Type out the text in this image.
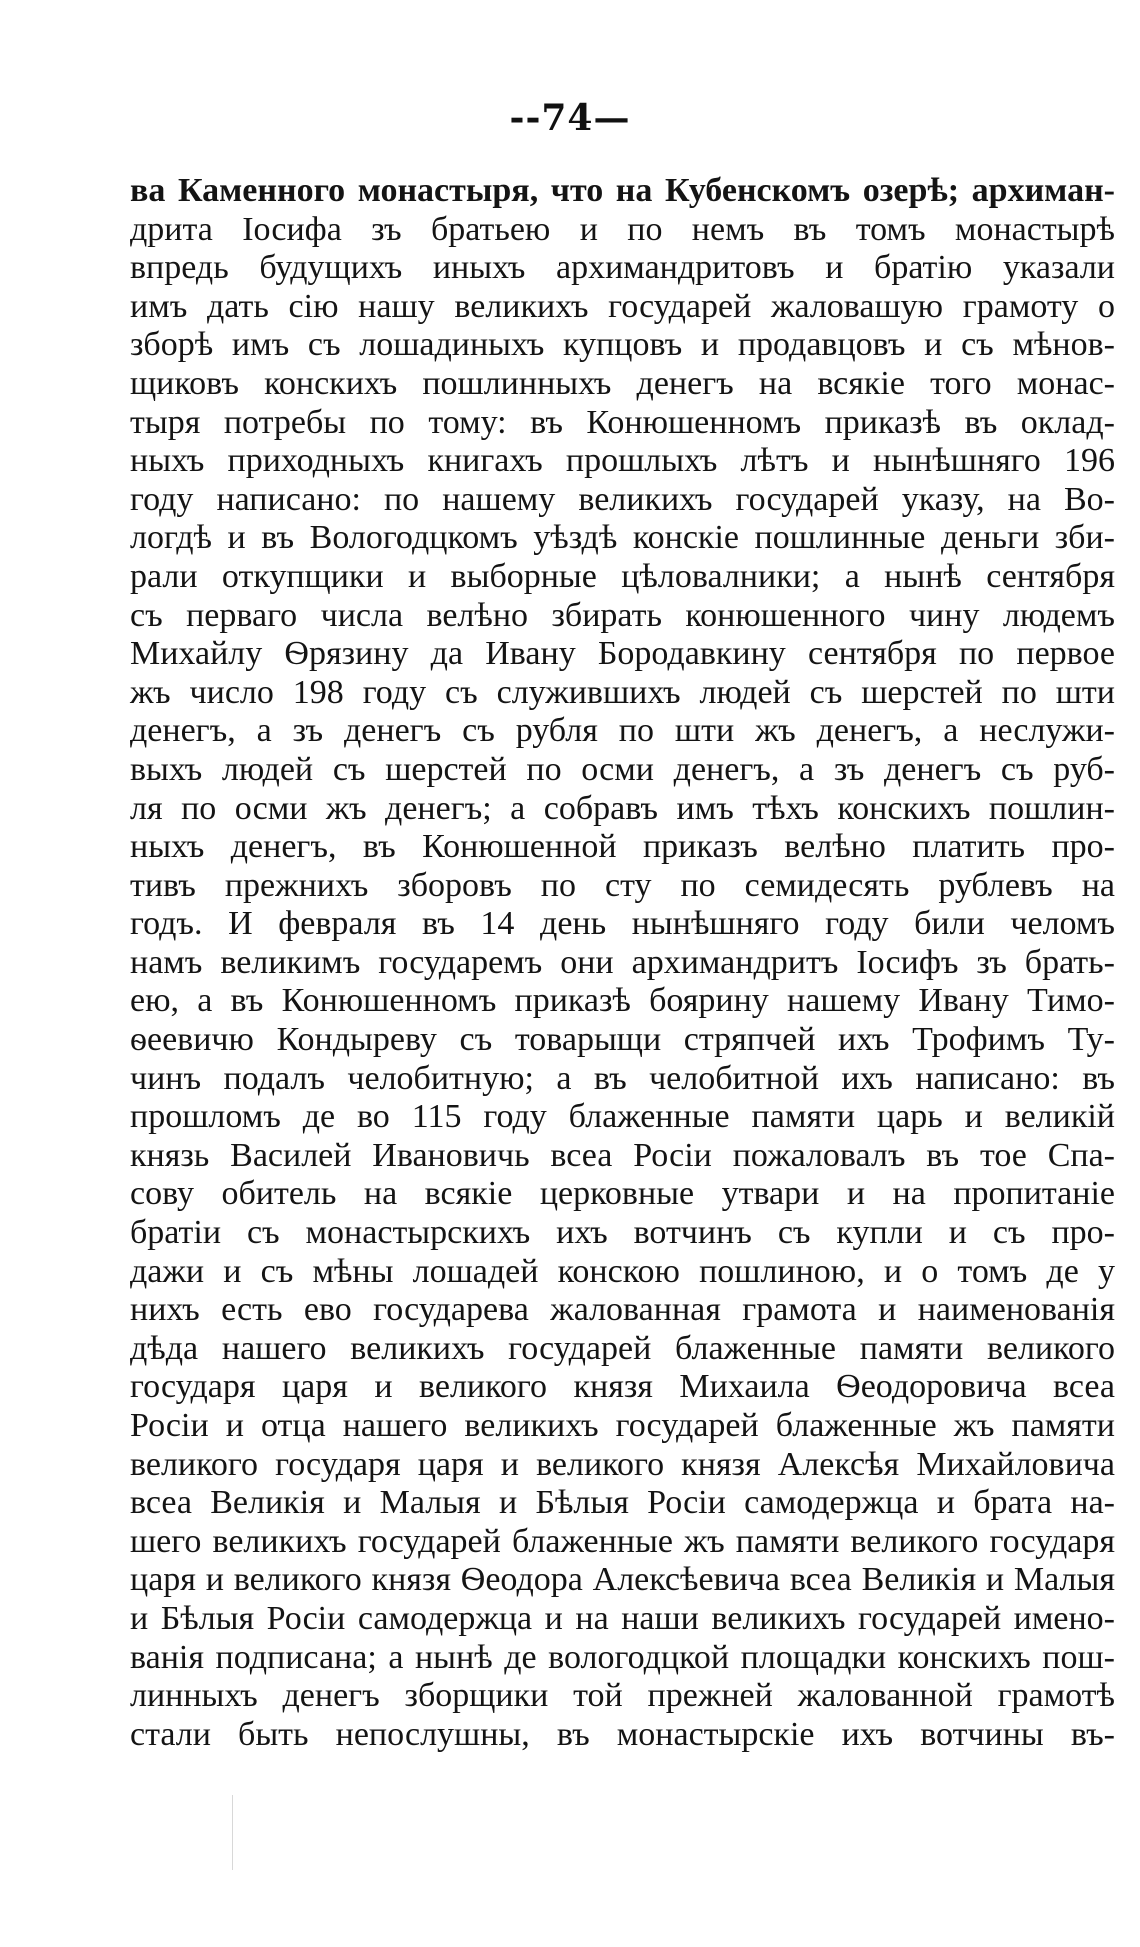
--74—
ва Каменного монастыря, что на Кубенскомъ озерѣ; архиман-
дрита Іосифа зъ братьею и по немъ въ томъ монастырѣ
впредь будущихъ иныхъ архимандритовъ и братію указали
имъ дать сію нашу великихъ государей жаловашую грамоту о
зборѣ имъ съ лошадиныхъ купцовъ и продавцовъ и съ мѣнов-
щиковъ конскихъ пошлинныхъ денегъ на всякіе того монас-
тыря потребы по тому: въ Конюшенномъ приказѣ въ оклад-
ныхъ приходныхъ книгахъ прошлыхъ лѣтъ и нынѣшняго 196
году написано: по нашему великихъ государей указу, на Во-
логдѣ и въ Вологодцкомъ уѣздѣ конскіе пошлинные деньги зби-
рали откупщики и выборные цѣловалники; а нынѣ сентября
съ перваго числа велѣно збирать конюшенного чину людемъ
Михайлу Ѳрязину да Ивану Бородавкину сентября по первое
жъ число 198 году съ служившихъ людей съ шерстей по шти
денегъ, а зъ денегъ съ рубля по шти жъ денегъ, а неслужи-
выхъ людей съ шерстей по осми денегъ, а зъ денегъ съ руб-
ля по осми жъ денегъ; а собравъ имъ тѣхъ конскихъ пошлин-
ныхъ денегъ, въ Конюшенной приказъ велѣно платить про-
тивъ прежнихъ зборовъ по сту по семидесять рублевъ на
годъ. И февраля въ 14 день нынѣшняго году били челомъ
намъ великимъ государемъ они архимандритъ Іосифъ зъ брать-
ею, а въ Конюшенномъ приказѣ боярину нашему Ивану Тимо-
ѳеевичю Кондыреву съ товарыщи стряпчей ихъ Трофимъ Ту-
чинъ подалъ челобитную; а въ челобитной ихъ написано: въ
прошломъ де во 115 году блаженные памяти царь и великій
князь Василей Ивановичь всеа Росіи пожаловалъ въ тое Спа-
сову обитель на всякіе церковные утвари и на пропитаніе
братіи съ монастырскихъ ихъ вотчинъ съ купли и съ про-
дажи и съ мѣны лошадей конскою пошлиною, и о томъ де у
нихъ есть ево государева жалованная грамота и наименованія
дѣда нашего великихъ государей блаженные памяти великого
государя царя и великого князя Михаила Ѳеодоровича всеа
Росіи и отца нашего великихъ государей блаженные жъ памяти
великого государя царя и великого князя Алексѣя Михайловича
всеа Великія и Малыя и Бѣлыя Росіи самодержца и брата на-
шего великихъ государей блаженные жъ памяти великого государя
царя и великого князя Ѳеодора Алексѣевича всеа Великія и Малыя
и Бѣлыя Росіи самодержца и на наши великихъ государей имено-
ванія подписана; а нынѣ де вологодцкой площадки конскихъ пош-
линныхъ денегъ зборщики той прежней жалованной грамотѣ
стали быть непослушны, въ монастырскіе ихъ вотчины въ-
